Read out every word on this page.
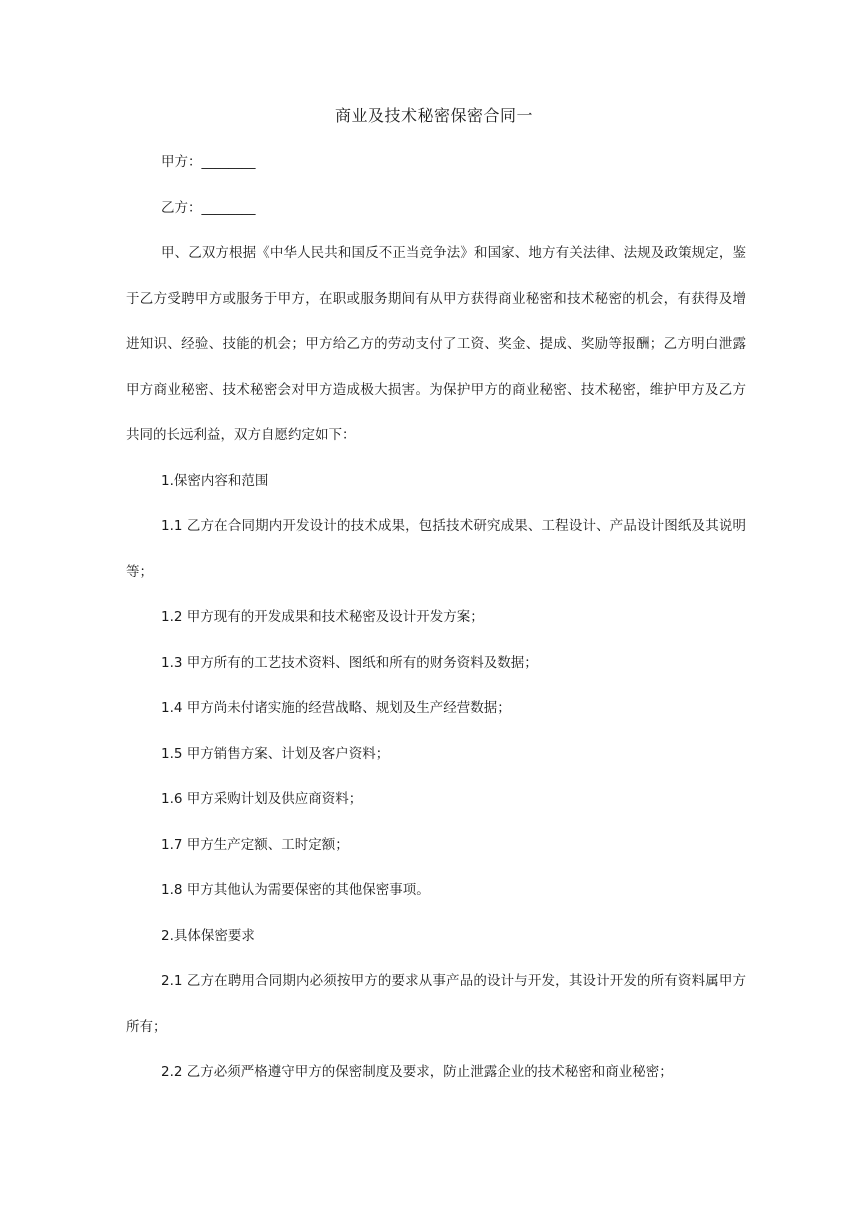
商业及技术秘密保密合同一

甲方：________

乙方：________

甲、乙双方根据《中华人民共和国反不正当竞争法》和国家、地方有关法律、法规及政策规定，鉴于乙方受聘甲方或服务于甲方，在职或服务期间有从甲方获得商业秘密和技术秘密的机会，有获得及增进知识、经验、技能的机会；甲方给乙方的劳动支付了工资、奖金、提成、奖励等报酬；乙方明白泄露甲方商业秘密、技术秘密会对甲方造成极大损害。为保护甲方的商业秘密、技术秘密，维护甲方及乙方共同的长远利益，双方自愿约定如下：

1.保密内容和范围

1.1 乙方在合同期内开发设计的技术成果，包括技术研究成果、工程设计、产品设计图纸及其说明等；

1.2 甲方现有的开发成果和技术秘密及设计开发方案；

1.3 甲方所有的工艺技术资料、图纸和所有的财务资料及数据；

1.4 甲方尚未付诸实施的经营战略、规划及生产经营数据；

1.5 甲方销售方案、计划及客户资料；

1.6 甲方采购计划及供应商资料；

1.7 甲方生产定额、工时定额；

1.8 甲方其他认为需要保密的其他保密事项。

2.具体保密要求

2.1 乙方在聘用合同期内必须按甲方的要求从事产品的设计与开发，其设计开发的所有资料属甲方所有；

2.2 乙方必须严格遵守甲方的保密制度及要求，防止泄露企业的技术秘密和商业秘密；
